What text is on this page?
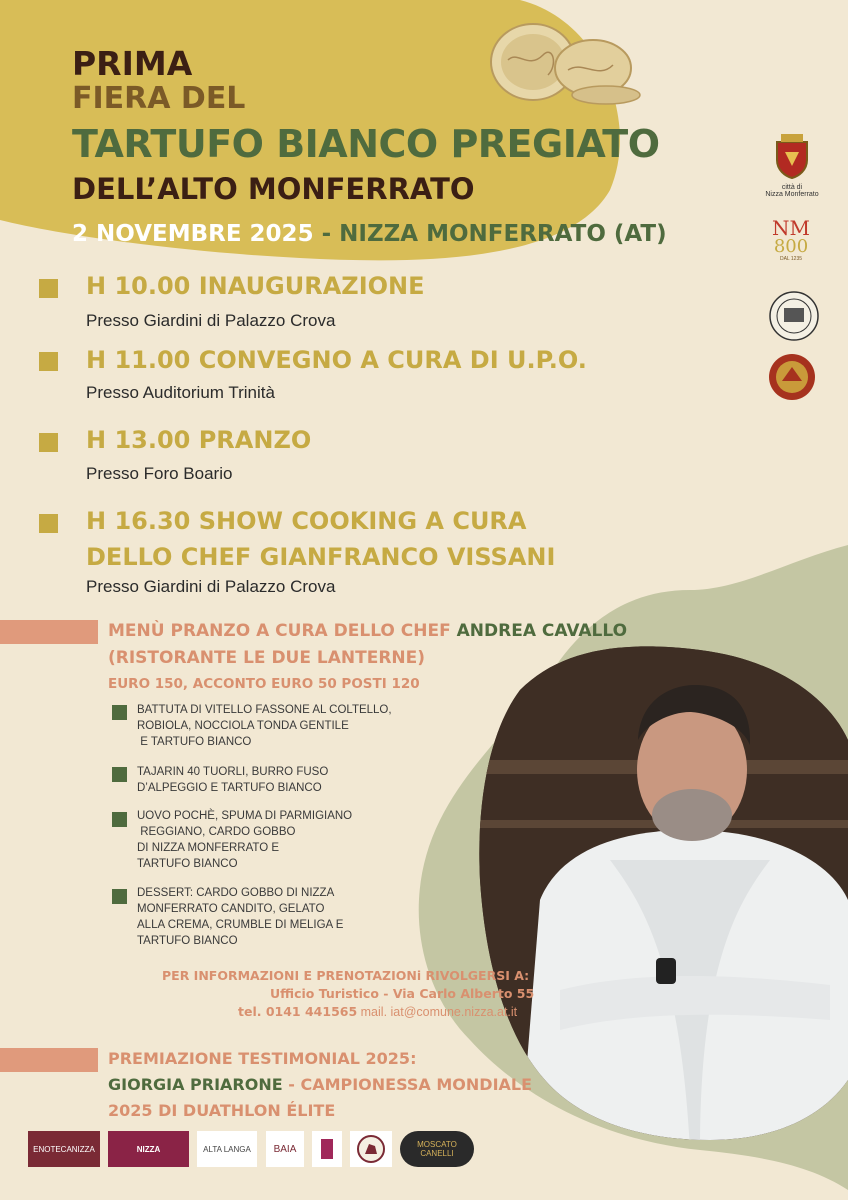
PRIMA
FIERA DEL
TARTUFO BIANCO PREGIATO
DELL’ALTO MONFERRATO
2 NOVEMBRE 2025 - NIZZA MONFERRATO (AT)
città di
Nizza Monferrato
NM
800
DAL 1235
H 10.00 INAUGURAZIONE
Presso Giardini di Palazzo Crova
H 11.00 CONVEGNO A CURA DI U.P.O.
Presso Auditorium Trinità
H 13.00 PRANZO
Presso Foro Boario
H 16.30 SHOW COOKING A CURA
DELLO CHEF GIANFRANCO VISSANI
Presso Giardini di Palazzo Crova
MENÙ PRANZO A CURA DELLO CHEF ANDREA CAVALLO
(RISTORANTE LE DUE LANTERNE)
EURO 150, ACCONTO EURO 50 POSTI 120
BATTUTA DI VITELLO FASSONE AL COLTELLO,
ROBIOLA, NOCCIOLA TONDA GENTILE
E TARTUFO BIANCO
TAJARIN 40 TUORLI, BURRO FUSO
D’ALPEGGIO E TARTUFO BIANCO
UOVO POCHÈ, SPUMA DI PARMIGIANO
REGGIANO, CARDO GOBBO
DI NIZZA MONFERRATO E
TARTUFO BIANCO
DESSERT: CARDO GOBBO DI NIZZA
MONFERRATO CANDITO, GELATO
ALLA CREMA, CRUMBLE DI MELIGA E
TARTUFO BIANCO
PER INFORMAZIONI E PRENOTAZIONi RIVOLGERSI A:
Ufficio Turistico - Via Carlo Alberto 55
tel. 0141 441565 mail. iat@comune.nizza.at.it
PREMIAZIONE TESTIMONIAL 2025:
GIORGIA PRIARONE - CAMPIONESSA MONDIALE
2025 DI DUATHLON ÉLITE
ENOTECANIZZA	NIZZA	ALTA LANGA	BAIA	MOSCATO CANELLI
